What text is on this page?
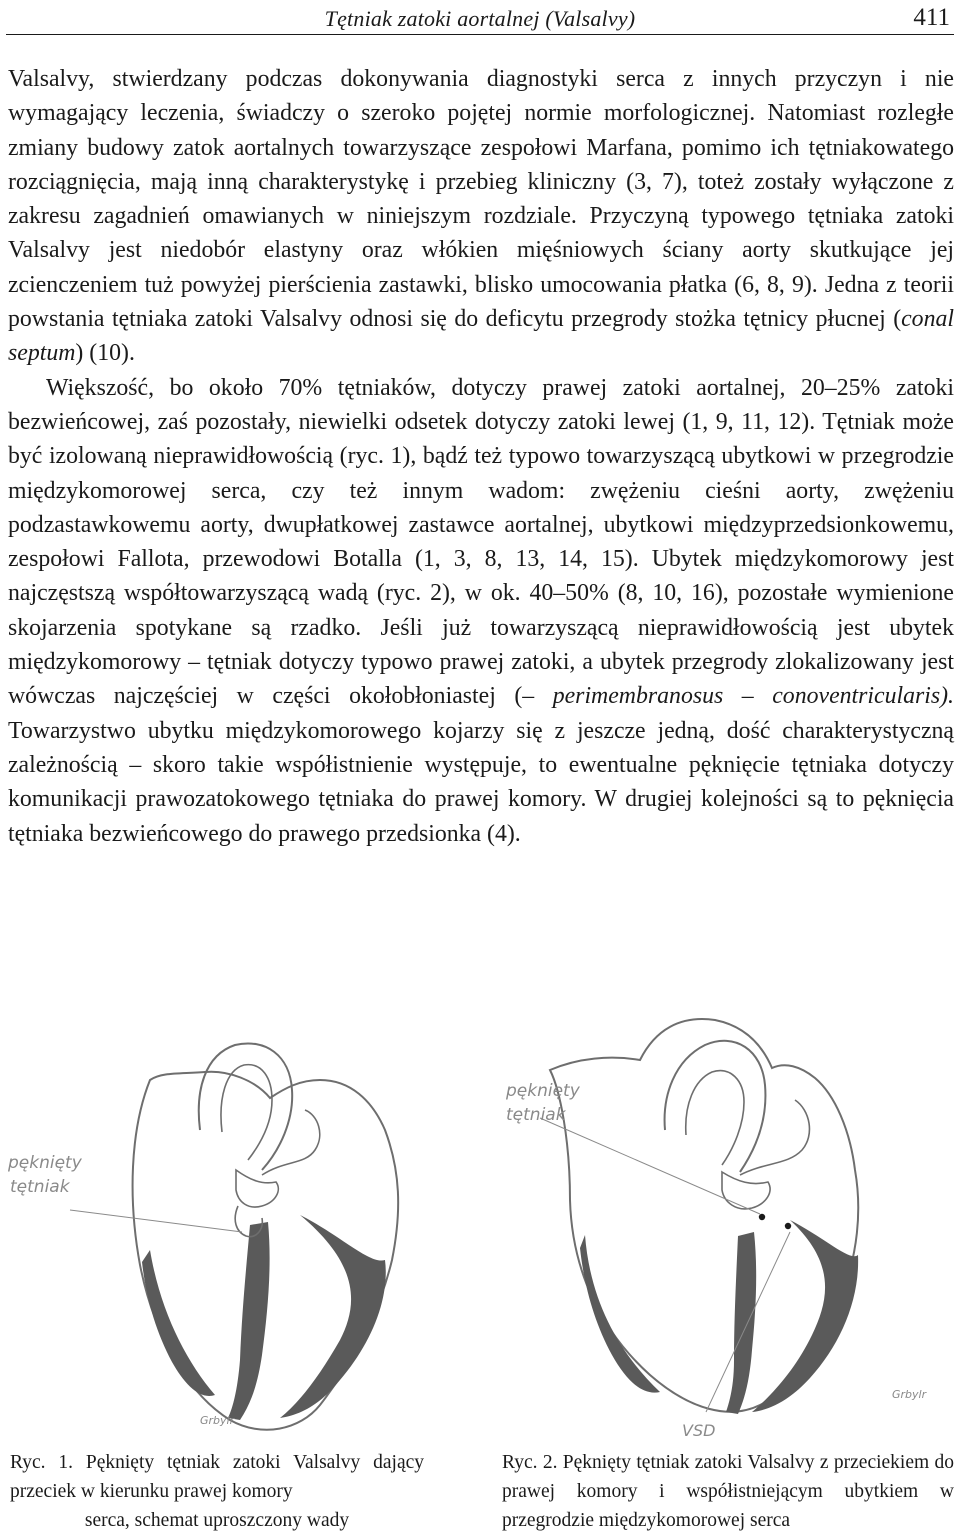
Tętniak zatoki aortalnej (Valsalvy)	411

Valsalvy, stwierdzany podczas dokonywania diagnostyki serca z innych przyczyn i nie wymagający leczenia, świadczy o szeroko pojętej normie morfologicznej. Natomiast rozległe zmiany budowy zatok aortalnych towarzyszące zespołowi Marfana, pomimo ich tętniakowatego rozciągnięcia, mają inną charakterystykę i przebieg kliniczny (3, 7), toteż zostały wyłączone z zakresu zagadnień omawianych w niniejszym rozdziale. Przyczyną typowego tętniaka zatoki Valsalvy jest niedobór elastyny oraz włókien mięśniowych ściany aorty skutkujące jej zcienczeniem tuż powyżej pierścienia zastawki, blisko umocowania płatka (6, 8, 9). Jedna z teorii powstania tętniaka zatoki Valsalvy odnosi się do deficytu przegrody stożka tętnicy płucnej (conal septum) (10).

Większość, bo około 70% tętniaków, dotyczy prawej zatoki aortalnej, 20–25% zatoki bezwieńcowej, zaś pozostały, niewielki odsetek dotyczy zatoki lewej (1, 9, 11, 12). Tętniak może być izolowaną nieprawidłowością (ryc. 1), bądź też typowo towarzyszącą ubytkowi w przegrodzie międzykomorowej serca, czy też innym wadom: zwężeniu cieśni aorty, zwężeniu podzastawkowemu aorty, dwupłatkowej zastawce aortalnej, ubytkowi międzyprzedsionkowemu, zespołowi Fallota, przewodowi Botalla (1, 3, 8, 13, 14, 15). Ubytek międzykomorowy jest najczęstszą współtowarzyszącą wadą (ryc. 2), w ok. 40–50% (8, 10, 16), pozostałe wymienione skojarzenia spotykane są rzadko. Jeśli już towarzyszącą nieprawidłowością jest ubytek międzykomorowy – tętniak dotyczy typowo prawej zatoki, a ubytek przegrody zlokalizowany jest wówczas najczęściej w części okołobłoniastej (– perimembranosus – conoventricularis). Towarzystwo ubytku międzykomorowego kojarzy się z jeszcze jedną, dość charakterystyczną zależnością – skoro takie współistnienie występuje, to ewentualne pęknięcie tętniaka dotyczy komunikacji prawozatokowego tętniaka do prawej komory. W drugiej kolejności są to pęknięcia tętniaka bezwieńcowego do prawego przedsionka (4).

pęknięty
tętniak
Grbylr
pęknięty
tętniak
VSD
Grbylr
Ryc. 1. Pęknięty tętniak zatoki Valsalvy dający przeciek w kierunku prawej komory
serca, schemat uproszczony wady
Ryc. 2. Pęknięty tętniak zatoki Valsalvy z przeciekiem do prawej komory i współistniejącym ubytkiem w przegrodzie międzykomorowej serca
